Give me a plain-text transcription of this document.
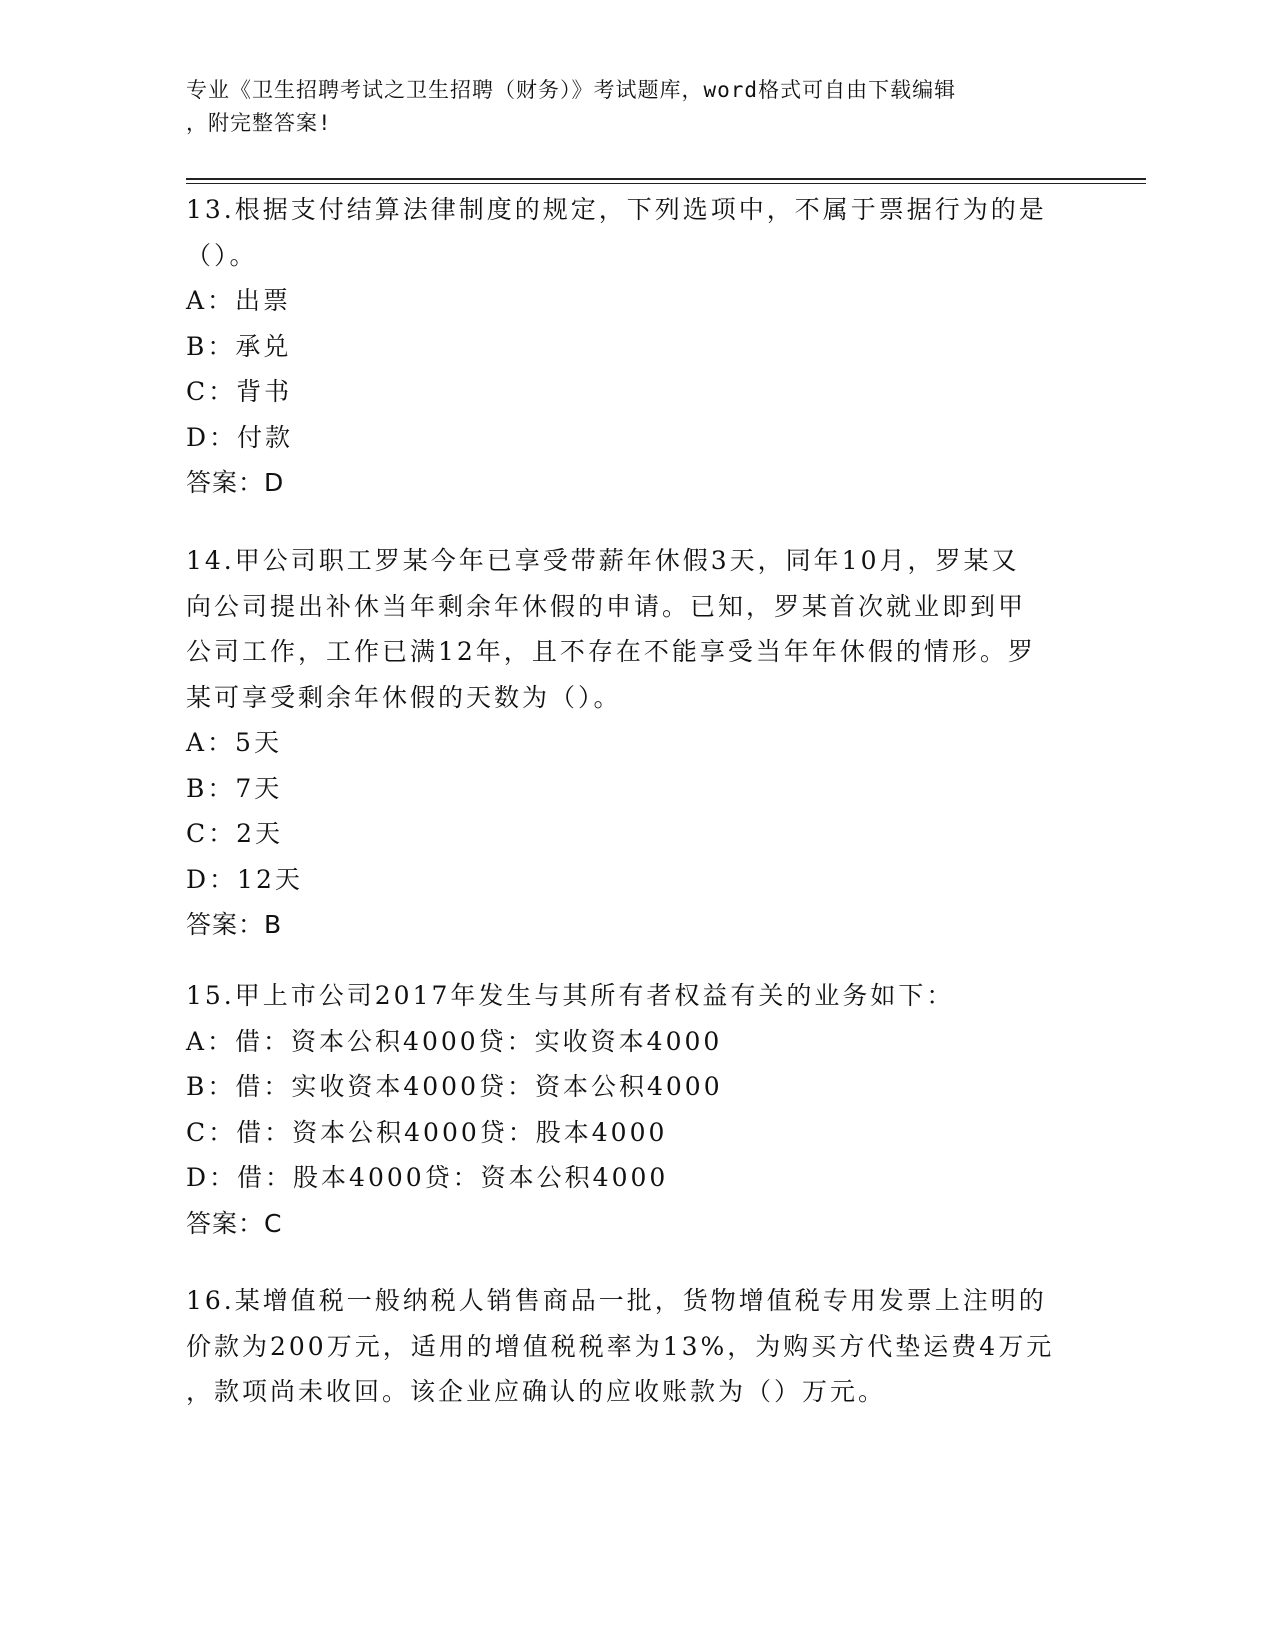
专业《卫生招聘考试之卫生招聘（财务）》考试题库，word格式可自由下载编辑
，附完整答案!

13.根据支付结算法律制度的规定，下列选项中，不属于票据行为的是

（）。

A：出票

B：承兑

C：背书

D：付款

答案：D

14.甲公司职工罗某今年已享受带薪年休假3天，同年10月，罗某又

向公司提出补休当年剩余年休假的申请。已知，罗某首次就业即到甲

公司工作，工作已满12年，且不存在不能享受当年年休假的情形。罗

某可享受剩余年休假的天数为（）。

A：5天

B：7天

C：2天

D：12天

答案：B

15.甲上市公司2017年发生与其所有者权益有关的业务如下：

A：借：资本公积4000贷：实收资本4000

B：借：实收资本4000贷：资本公积4000

C：借：资本公积4000贷：股本4000

D：借：股本4000贷：资本公积4000

答案：C

16.某增值税一般纳税人销售商品一批，货物增值税专用发票上注明的

价款为200万元，适用的增值税税率为13%，为购买方代垫运费4万元

，款项尚未收回。该企业应确认的应收账款为（）万元。
